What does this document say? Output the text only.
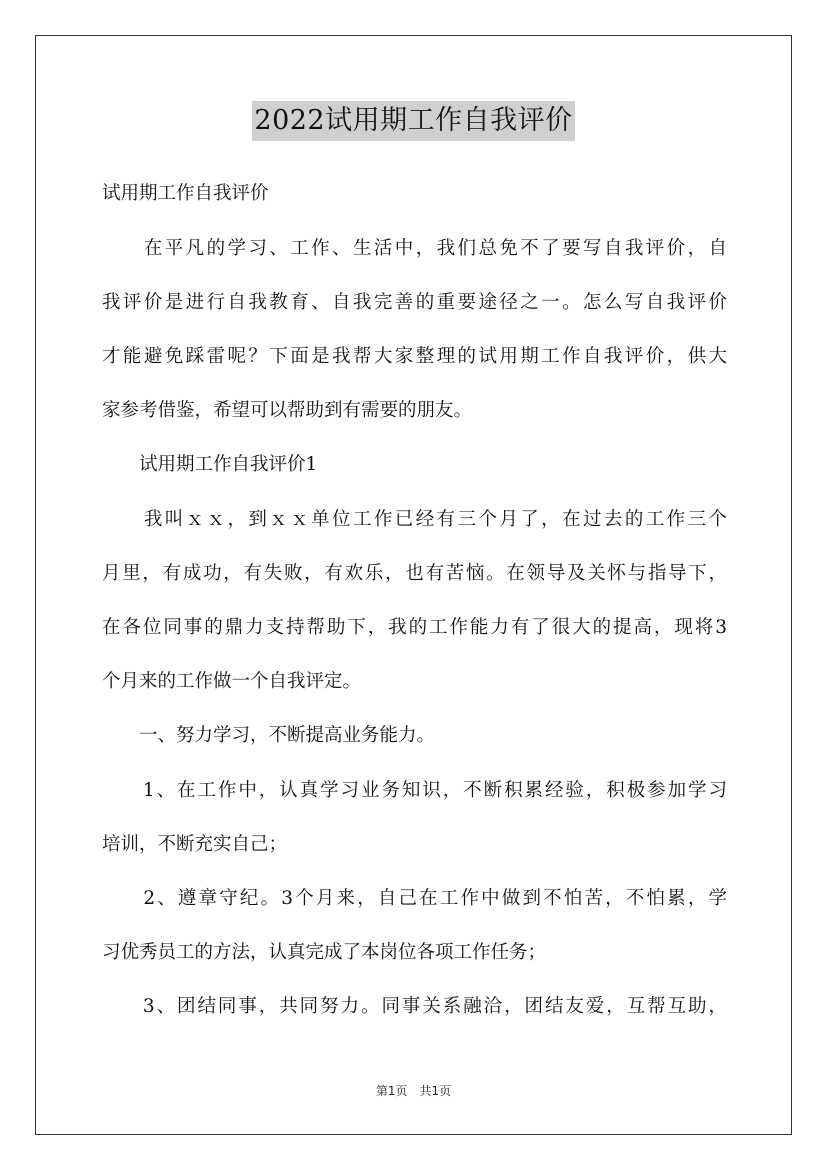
2022试用期工作自我评价
试用期工作自我评价
　　在平凡的学习、工作、生活中，我们总免不了要写自我评价，自
我评价是进行自我教育、自我完善的重要途径之一。怎么写自我评价
才能避免踩雷呢？下面是我帮大家整理的试用期工作自我评价，供大
家参考借鉴，希望可以帮助到有需要的朋友。
　　试用期工作自我评价1
　　我叫ｘｘ，到ｘｘ单位工作已经有三个月了，在过去的工作三个
月里，有成功，有失败，有欢乐，也有苦恼。在领导及关怀与指导下，
在各位同事的鼎力支持帮助下，我的工作能力有了很大的提高，现将3
个月来的工作做一个自我评定。
　　一、努力学习，不断提高业务能力。
　　1、在工作中，认真学习业务知识，不断积累经验，积极参加学习
培训，不断充实自己；
　　2、遵章守纪。3个月来，自己在工作中做到不怕苦，不怕累，学
习优秀员工的方法，认真完成了本岗位各项工作任务；
　　3、团结同事，共同努力。同事关系融洽，团结友爱，互帮互助，
第1页　共1页
